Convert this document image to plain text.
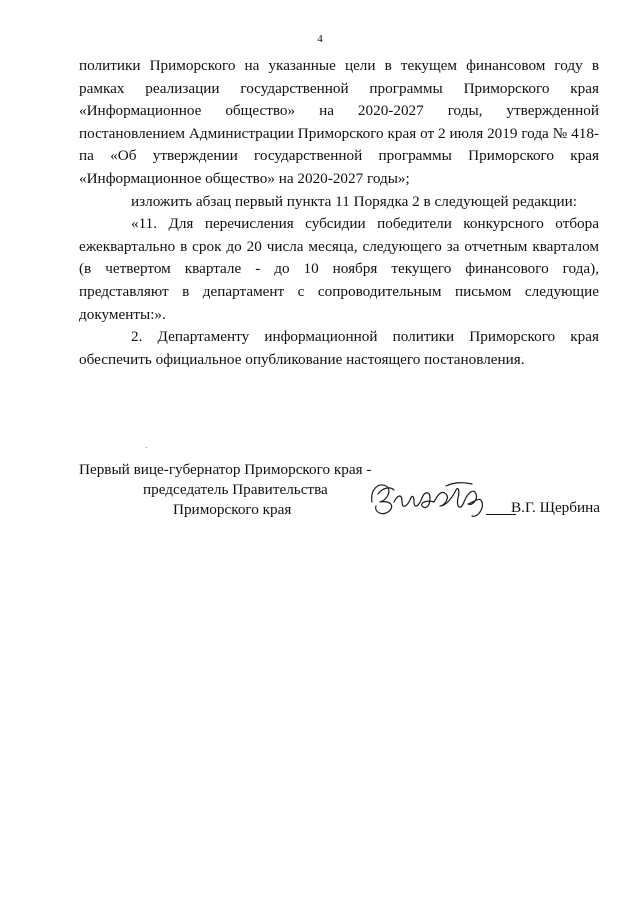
4

политики Приморского на указанные цели в текущем финансовом году в рамках реализации государственной программы Приморского края «Информационное общество» на 2020-2027 годы, утвержденной постановлением Администрации Приморского края от 2 июля 2019 года № 418-па «Об утверждении государственной программы Приморского края «Информационное общество» на 2020-2027 годы»;

изложить абзац первый пункта 11 Порядка 2 в следующей редакции:

«11. Для перечисления субсидии победители конкурсного отбора ежеквартально в срок до 20 числа месяца, следующего за отчетным кварталом (в четвертом квартале - до 10 ноября текущего финансового года), представляют в департамент с сопроводительным письмом следующие документы:».

2. Департаменту информационной политики Приморского края обеспечить официальное опубликование настоящего постановления.

Первый вице-губернатор Приморского края -
председатель Правительства
Приморского края	В.Г. Щербина
